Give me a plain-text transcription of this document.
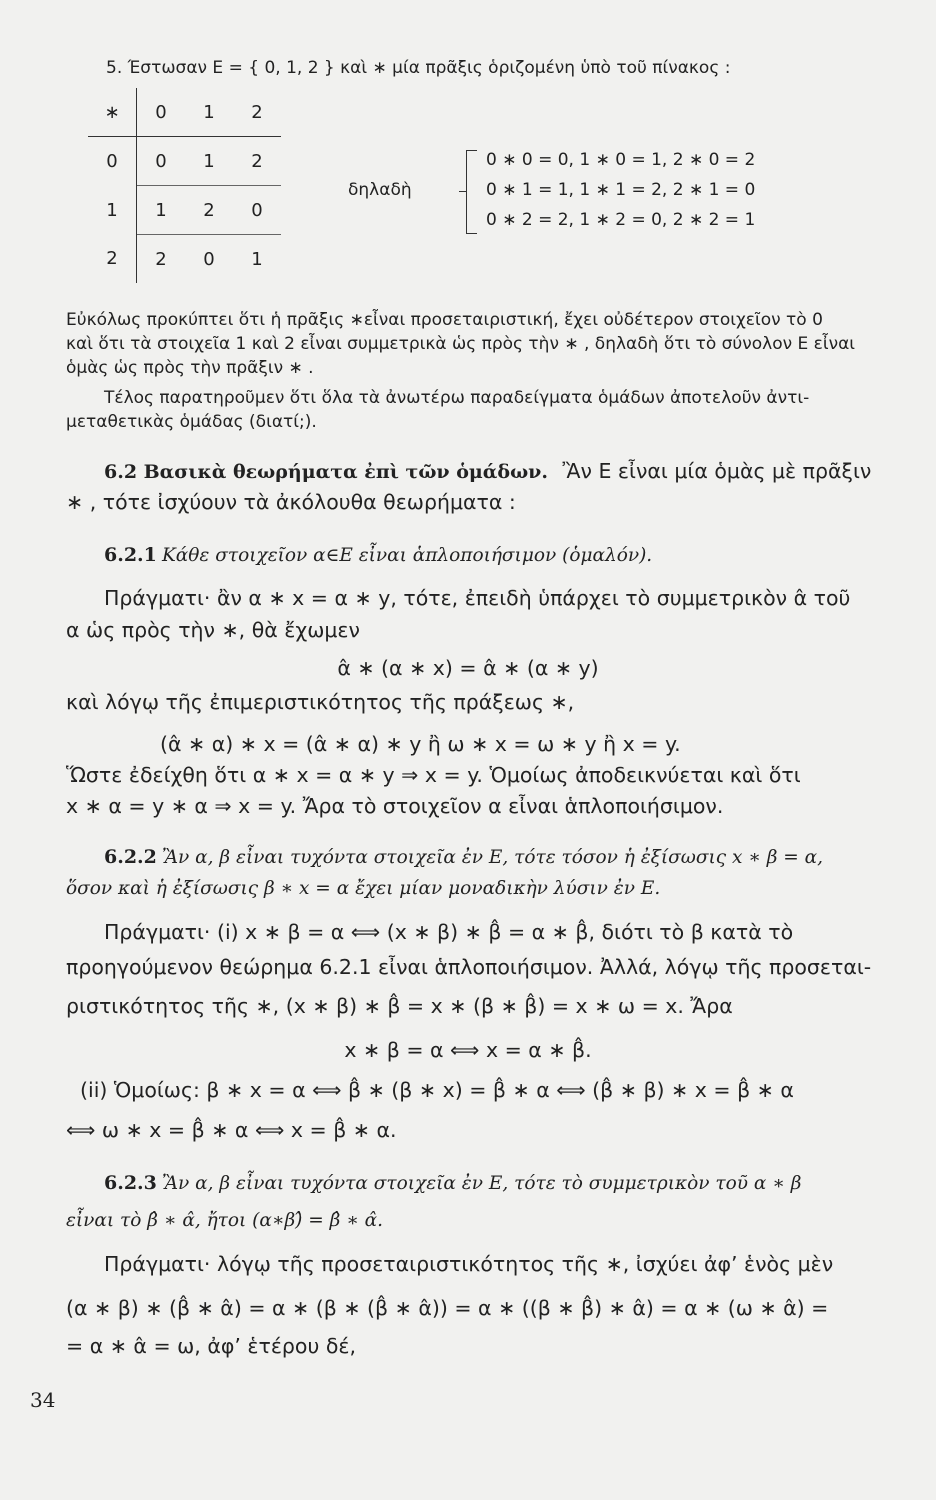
5. Έστωσαν E = { 0, 1, 2 } καὶ ∗ μία πρᾶξις ὁριζομένη ὑπὸ τοῦ πίνακος :
∗	0	1	2
0	0	1	2
1	1	2	0
2	2	0	1
δηλαδὴ
0 ∗ 0 = 0, 1 ∗ 0 = 1, 2 ∗ 0 = 2
0 ∗ 1 = 1, 1 ∗ 1 = 2, 2 ∗ 1 = 0
0 ∗ 2 = 2, 1 ∗ 2 = 0, 2 ∗ 2 = 1
Εὐκόλως προκύπτει ὅτι ἡ πρᾶξις ∗εἶναι προσεταιριστική, ἔχει οὐδέτερον στοιχεῖον τὸ 0
καὶ ὅτι τὰ στοιχεῖα 1 καὶ 2 εἶναι συμμετρικὰ ὡς πρὸς τὴν ∗ , δηλαδὴ ὅτι τὸ σύνολον E εἶναι
ὁμὰς ὡς πρὸς τὴν πρᾶξιν ∗ .
Τέλος παρατηροῦμεν ὅτι ὅλα τὰ ἀνωτέρω παραδείγματα ὁμάδων ἀποτελοῦν ἀντι-
μεταθετικὰς ὁμάδας (διατί;).
6.2 Βασικὰ θεωρήματα ἐπὶ τῶν ὁμάδων. Ἂν E εἶναι μία ὁμὰς μὲ πρᾶξιν
∗ , τότε ἰσχύουν τὰ ἀκόλουθα θεωρήματα :
6.2.1 Κάθε στοιχεῖον α∈E εἶναι ἁπλοποιήσιμον (ὁμαλόν).
Πράγματι· ἂν α ∗ x = α ∗ y, τότε, ἐπειδὴ ὑπάρχει τὸ συμμετρικὸν α̂ τοῦ
α ὡς πρὸς τὴν ∗, θὰ ἔχωμεν
α̂ ∗ (α ∗ x) = α̂ ∗ (α ∗ y)
καὶ λόγῳ τῆς ἐπιμεριστικότητος τῆς πράξεως ∗,
(α̂ ∗ α) ∗ x = (α̂ ∗ α) ∗ y ἢ ω ∗ x = ω ∗ y ἢ x = y.
Ὥστε ἐδείχθη ὅτι α ∗ x = α ∗ y ⇒ x = y. Ὁμοίως ἀποδεικνύεται καὶ ὅτι
x ∗ α = y ∗ α ⇒ x = y. Ἄρα τὸ στοιχεῖον α εἶναι ἁπλοποιήσιμον.
6.2.2 Ἂν α, β εἶναι τυχόντα στοιχεῖα ἐν E, τότε τόσον ἡ ἐξίσωσις x ∗ β = α,
ὅσον καὶ ἡ ἐξίσωσις β ∗ x = α ἔχει μίαν μοναδικὴν λύσιν ἐν E.
Πράγματι· (i) x ∗ β = α ⟺ (x ∗ β) ∗ β̂ = α ∗ β̂, διότι τὸ β κατὰ τὸ
προηγούμενον θεώρημα 6.2.1 εἶναι ἁπλοποιήσιμον. Ἀλλά, λόγῳ τῆς προσεται-
ριστικότητος τῆς ∗, (x ∗ β) ∗ β̂ = x ∗ (β ∗ β̂) = x ∗ ω = x. Ἄρα
x ∗ β = α ⟺ x = α ∗ β̂.
(ii) Ὁμοίως: β ∗ x = α ⟺ β̂ ∗ (β ∗ x) = β̂ ∗ α ⟺ (β̂ ∗ β) ∗ x = β̂ ∗ α
⟺ ω ∗ x = β̂ ∗ α ⟺ x = β̂ ∗ α.
6.2.3 Ἂν α, β εἶναι τυχόντα στοιχεῖα ἐν E, τότε τὸ συμμετρικὸν τοῦ α ∗ β
εἶναι τὸ β̂ ∗ α̂, ἤτοι (α∗β)̂ = β̂ ∗ α̂.
Πράγματι· λόγῳ τῆς προσεταιριστικότητος τῆς ∗, ἰσχύει ἀφ’ ἑνὸς μὲν
(α ∗ β) ∗ (β̂ ∗ α̂) = α ∗ (β ∗ (β̂ ∗ α̂)) = α ∗ ((β ∗ β̂) ∗ α̂) = α ∗ (ω ∗ α̂) =
= α ∗ α̂ = ω, ἀφ’ ἑτέρου δέ,
34
